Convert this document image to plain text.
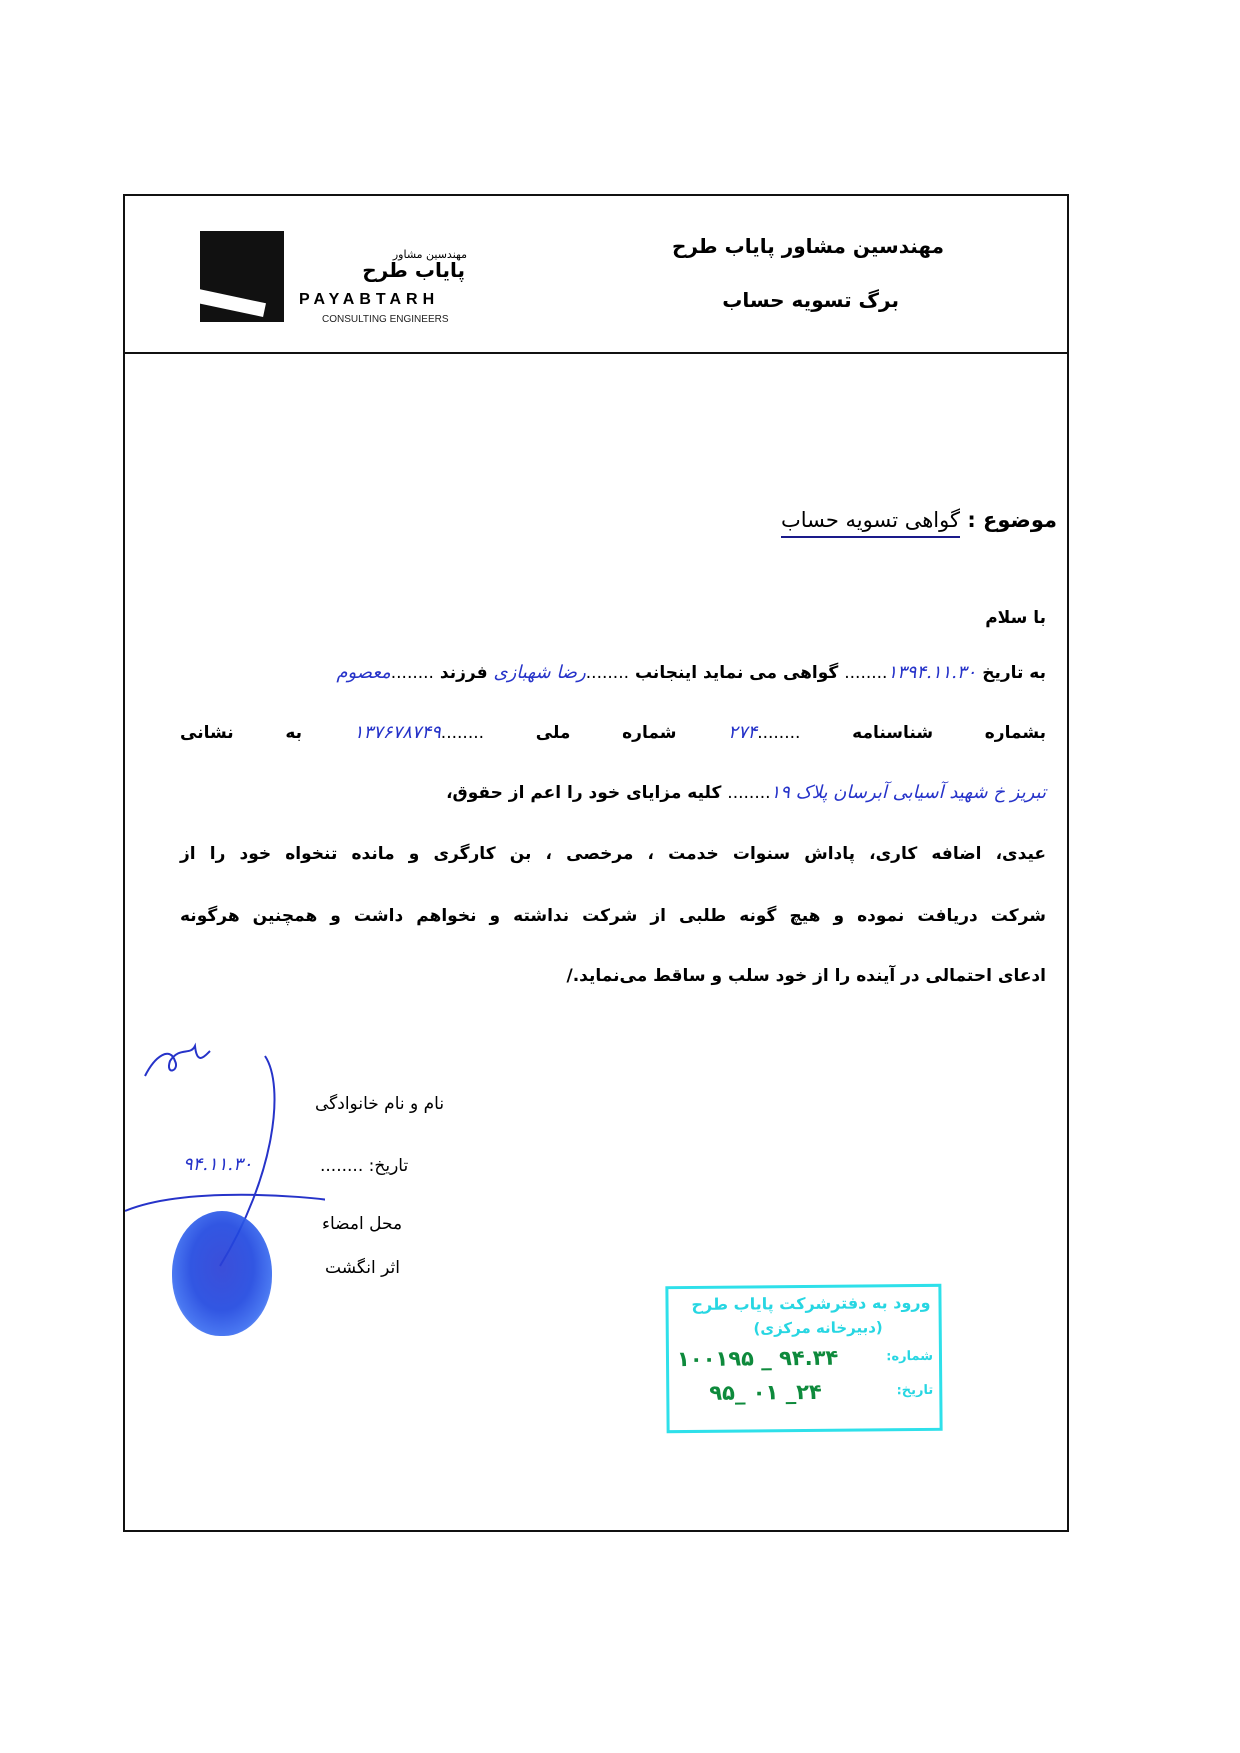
مهندسین مشاور
پایاب طرح
PAYABTARH
CONSULTING ENGINEERS
مهندسین مشاور پایاب طرح
برگ تسویه حساب
موضوع : گواهی تسویه حساب
با سلام
به تاریخ ۱۳۹۴.۱۱.۳۰........ گواهی می نماید اینجانب ........رضا شهبازی فرزند ........معصوم
بشماره شناسنامه ........۲۷۴ شماره ملی ........۱۳۷۶۷۸۷۴۹ به نشانی
تبریز خ شهید آسیابی آبرسان پلاک ۱۹........ کلیه مزایای خود را اعم از حقوق،
عیدی، اضافه کاری، پاداش سنوات خدمت ، مرخصی ، بن کارگری و مانده تنخواه خود را از
شرکت دریافت نموده و هیچ گونه طلبی از شرکت نداشته و نخواهم داشت و همچنین هرگونه
ادعای احتمالی در آینده را از خود سلب و ساقط می‌نماید./
نام و نام خانوادگی
۹۴.۱۱.۳۰	تاریخ: ........
محل امضاء
اثر انگشت
ورود به دفترشرکت پایاب طرح
(دبیرخانه مرکزی)
شماره:
۱۰۰۱۹۵ _ ۹۴.۳۴
تاریخ:
۹۵_ ۰۱ _۲۴
